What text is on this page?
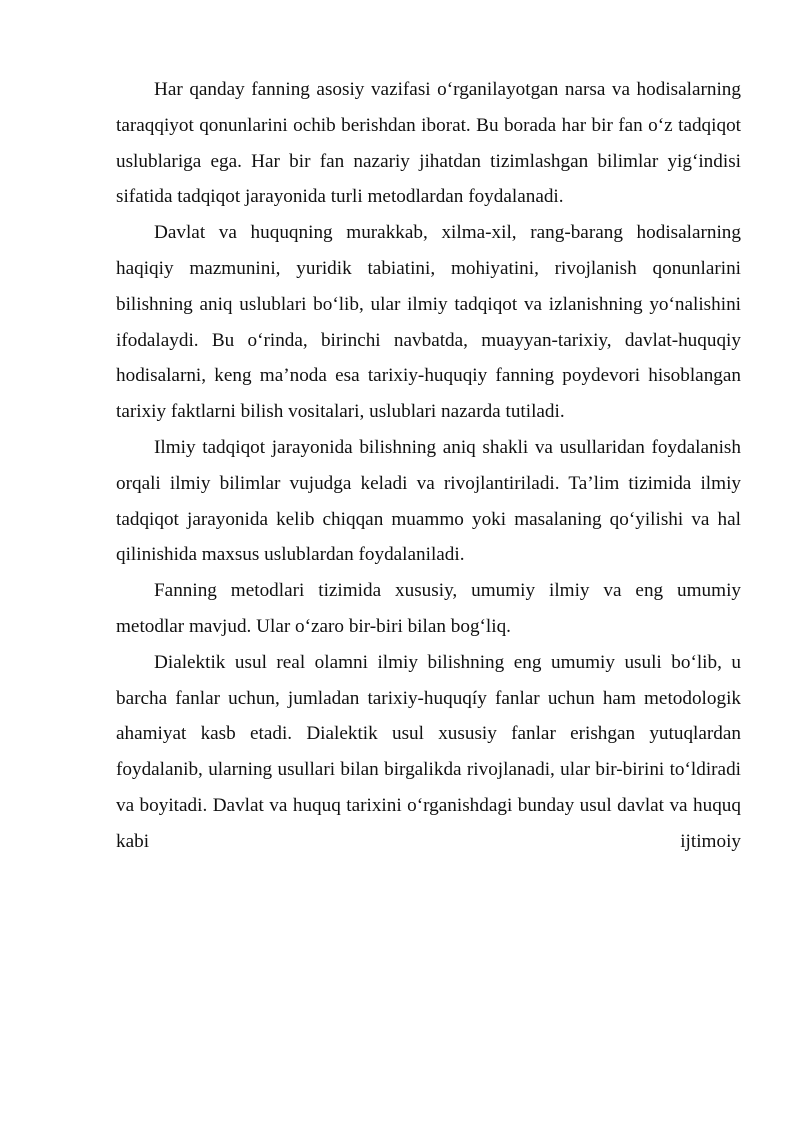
Har qanday fanning asosiy vazifasi o‘rganilayotgan narsa va hodisalarning taraqqiyot qonunlarini ochib berishdan iborat. Bu borada har bir fan o‘z tadqiqot uslublariga ega. Har bir fan nazariy jihatdan tizimlashgan bilimlar yig‘indisi sifatida tadqiqot jarayonida turli metodlardan foydalanadi.

Davlat va huquqning murakkab, xilma-xil, rang-barang hodisalarning haqiqiy mazmunini, yuridik tabiatini, mohiyatini, rivojlanish qonunlarini bilishning aniq uslublari bo‘lib, ular ilmiy tadqiqot va izlanishning yo‘nalishini ifodalaydi. Bu o‘rinda, birinchi navbatda, muayyan-tarixiy, davlat-huquqiy hodisalarni, keng ma’noda esa tarixiy-huquqiy fanning poydevori hisoblangan tarixiy faktlarni bilish vositalari, uslublari nazarda tutiladi.

Ilmiy tadqiqot jarayonida bilishning aniq shakli va usullaridan foydalanish orqali ilmiy bilimlar vujudga keladi va rivojlantiriladi. Ta’lim tizimida ilmiy tadqiqot jarayonida kelib chiqqan muammo yoki masalaning qo‘yilishi va hal qilinishida maxsus uslublardan foydalaniladi.

Fanning metodlari tizimida xususiy, umumiy ilmiy va eng umumiy metodlar mavjud. Ular o‘zaro bir-biri bilan bog‘liq.

Dialektik usul real olamni ilmiy bilishning eng umumiy usuli bo‘lib, u barcha fanlar uchun, jumladan tarixiy-huquqíy fanlar uchun ham metodologik ahamiyat kasb etadi. Dialektik usul xususiy fanlar erishgan yutuqlardan foydalanib, ularning usullari bilan birgalikda rivojlanadi, ular bir-birini to‘ldiradi va boyitadi. Davlat va huquq tarixini o‘rganishdagi bunday usul davlat va huquq kabi ijtimoiy
